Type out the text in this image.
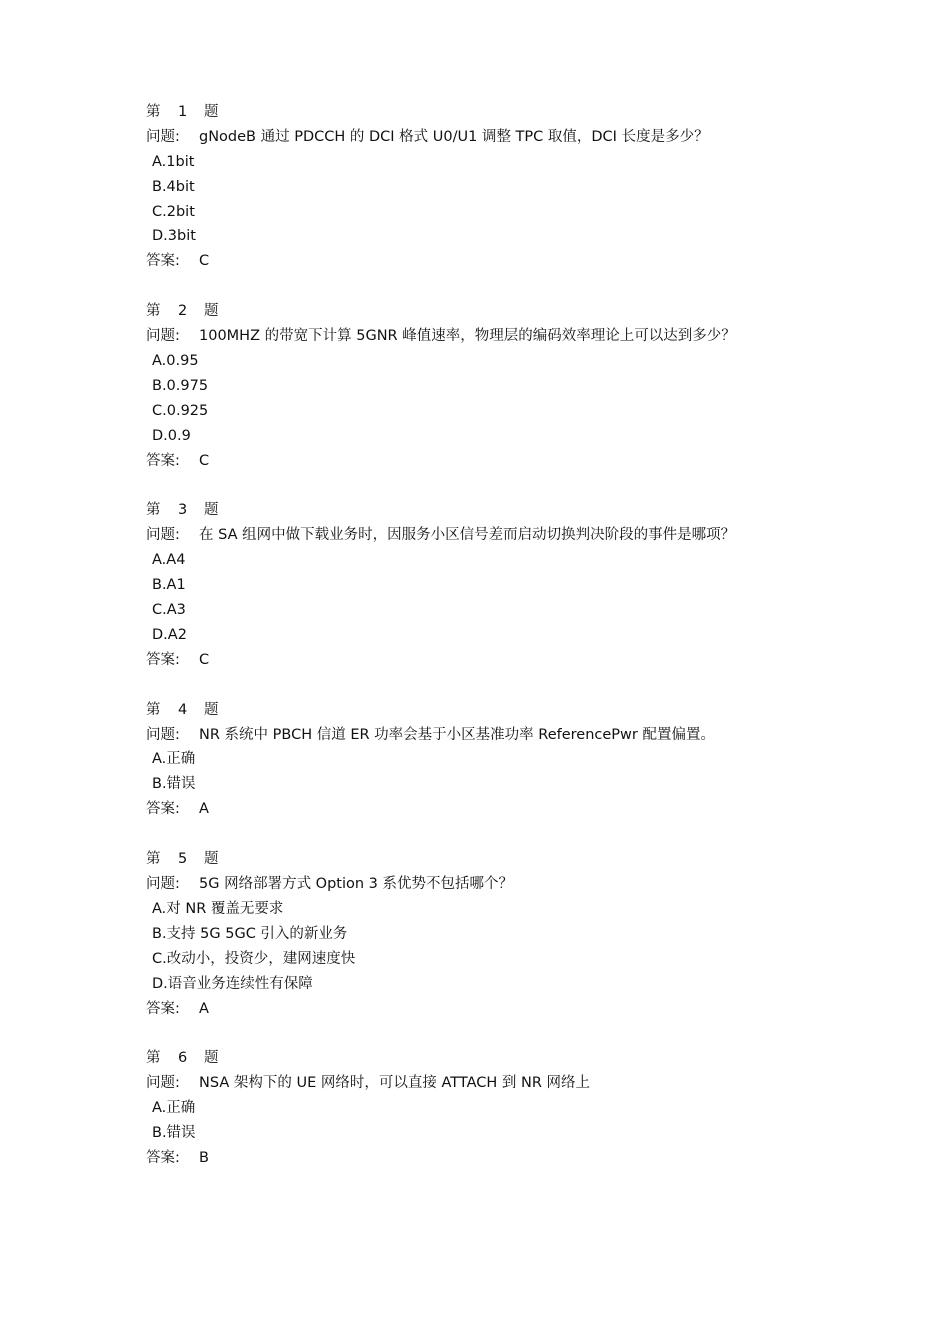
第 1 题
问题: gNodeB 通过 PDCCH 的 DCI 格式 U0/U1 调整 TPC 取值，DCI 长度是多少？
A.1bit
B.4bit
C.2bit
D.3bit
答案: C
第 2 题
问题: 100MHZ 的带宽下计算 5GNR 峰值速率，物理层的编码效率理论上可以达到多少？
A.0.95
B.0.975
C.0.925
D.0.9
答案: C
第 3 题
问题: 在 SA 组网中做下载业务时，因服务小区信号差而启动切换判决阶段的事件是哪项？
A.A4
B.A1
C.A3
D.A2
答案: C
第 4 题
问题: NR 系统中 PBCH 信道 ER 功率会基于小区基准功率 ReferencePwr 配置偏置。
A.正确
B.错误
答案: A
第 5 题
问题: 5G 网络部署方式 Option 3 系优势不包括哪个？
A.对 NR 覆盖无要求
B.支持 5G 5GC 引入的新业务
C.改动小，投资少，建网速度快
D.语音业务连续性有保障
答案: A
第 6 题
问题: NSA 架构下的 UE 网络时，可以直接 ATTACH 到 NR 网络上
A.正确
B.错误
答案: B
